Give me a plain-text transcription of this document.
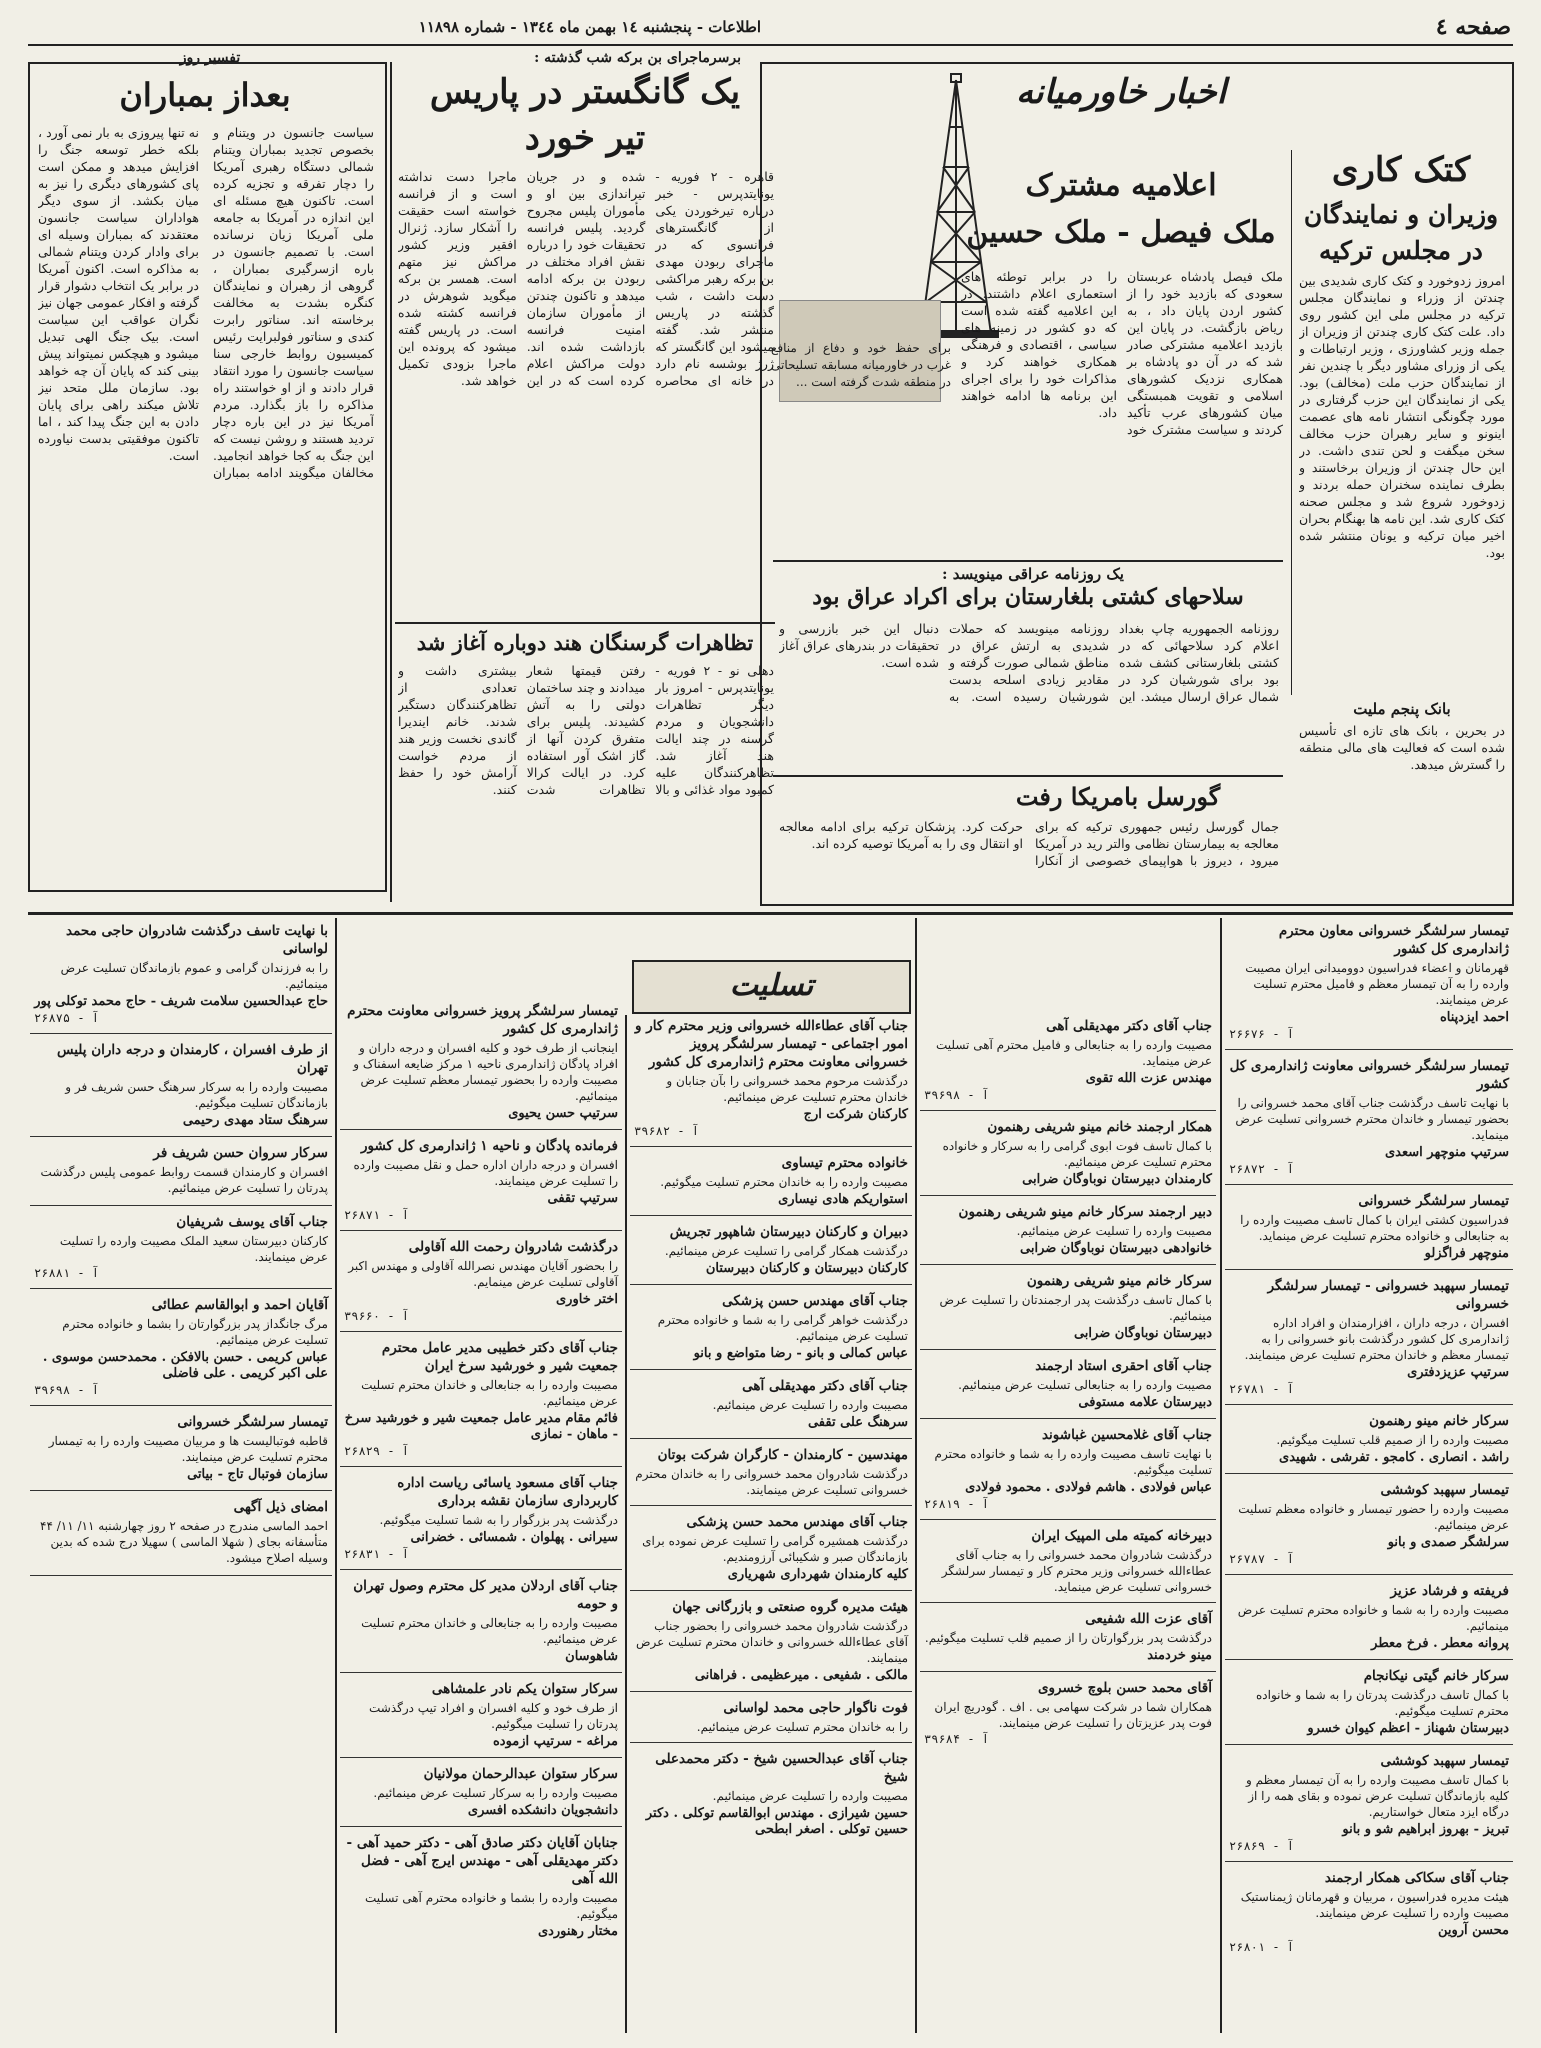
صفحه ٤
اطلاعات - پنجشنبه ١٤ بهمن ماه ١٣٤٤ - شماره ١١٨٩٨
برسرماجرای بن برکه شب گذشته :
تفسیر روز
اخبار خاورمیانه
کتک کاری
وزیران و نمایندگان
در مجلس ترکیه
امروز زدوخورد و کتک کاری شدیدی بین چندتن از وزراء و نمایندگان مجلس ترکیه در مجلس ملی این کشور روی داد. علت کتک کاری چندتن از وزیران از جمله وزیر کشاورزی ، وزیر ارتباطات و یکی از وزرای مشاور دیگر با چندین نفر از نمایندگان حزب ملت (مخالف) بود. یکی از نمایندگان این حزب گرفتاری در مورد چگونگی انتشار نامه های عصمت اینونو و سایر رهبران حزب مخالف سخن میگفت و لحن تندی داشت. در این حال چندتن از وزیران برخاستند و بطرف نماینده سخنران حمله بردند و زدوخورد شروع شد و مجلس صحنه کتک کاری شد. این نامه ها بهنگام بحران اخیر میان ترکیه و یونان منتشر شده بود.
اعلامیه مشترک
ملک فیصل - ملک حسین
ملک فیصل پادشاه عربستان سعودی که بازدید خود را از کشور اردن پایان داد ، به ریاض بازگشت. در پایان این بازدید اعلامیه مشترکی صادر شد که در آن دو پادشاه بر همکاری نزدیک کشورهای اسلامی و تقویت همبستگی میان کشورهای عرب تأکید کردند و سیاست مشترک خود را در برابر توطئه های استعماری اعلام داشتند. در این اعلامیه گفته شده است که دو کشور در زمینه های سیاسی ، اقتصادی و فرهنگی همکاری خواهند کرد و مذاکرات خود را برای اجرای این برنامه ها ادامه خواهند داد.
برای حفظ خود و دفاع از منافع غرب در خاورمیانه مسابقه تسلیحاتی در منطقه شدت گرفته است ...
یک روزنامه عراقی مینویسد :
سلاحهای کشتی بلغارستان برای اکراد عراق بود
روزنامه الجمهوریه چاپ بغداد اعلام کرد سلاحهائی که در کشتی بلغارستانی کشف شده بود برای شورشیان کرد در شمال عراق ارسال میشد. این روزنامه مینویسد که حملات شدیدی به ارتش عراق در مناطق شمالی صورت گرفته و مقادیر زیادی اسلحه بدست شورشیان رسیده است. به دنبال این خبر بازرسی و تحقیقات در بندرهای عراق آغاز شده است.
گورسل بامریکا رفت
جمال گورسل رئیس جمهوری ترکیه که برای معالجه به بیمارستان نظامی والتر رید در آمریکا میرود ، دیروز با هواپیمای خصوصی از آنکارا حرکت کرد. پزشکان ترکیه برای ادامه معالجه او انتقال وی را به آمریکا توصیه کرده اند.
بانک پنجم ملیت
در بحرین ، بانک های تازه ای تأسیس شده است که فعالیت های مالی منطقه را گسترش میدهد.
یک گانگستر در پاریس
تیر خورد
قاهره - ٢ فوریه - یونایتدپرس - خبر درباره تیرخوردن یکی از گانگسترهای فرانسوی که در ماجرای ربودن مهدی بن برکه رهبر مراکشی دست داشت ، شب گذشته در پاریس منتشر شد. گفته میشود این گانگستر که ژرژ بوشسه نام دارد در خانه ای محاصره شده و در جریان تیراندازی بین او و مأموران پلیس مجروح گردید. پلیس فرانسه تحقیقات خود را درباره نقش افراد مختلف در ربودن بن برکه ادامه میدهد و تاکنون چندتن از مأموران سازمان امنیت فرانسه بازداشت شده اند. دولت مراکش اعلام کرده است که در این ماجرا دست نداشته است و از فرانسه خواسته است حقیقت را آشکار سازد. ژنرال افقیر وزیر کشور مراکش نیز متهم است. همسر بن برکه میگوید شوهرش در فرانسه کشته شده است. در پاریس گفته میشود که پرونده این ماجرا بزودی تکمیل خواهد شد.
تظاهرات گرسنگان هند دوباره آغاز شد
دهلی نو - ٢ فوریه - یونایتدپرس - امروز بار دیگر تظاهرات دانشجویان و مردم گرسنه در چند ایالت هند آغاز شد. تظاهرکنندگان علیه کمبود مواد غذائی و بالا رفتن قیمتها شعار میدادند و چند ساختمان دولتی را به آتش کشیدند. پلیس برای متفرق کردن آنها از گاز اشک آور استفاده کرد. در ایالت کرالا تظاهرات شدت بیشتری داشت و تعدادی از تظاهرکنندگان دستگیر شدند. خانم ایندیرا گاندی نخست وزیر هند از مردم خواست آرامش خود را حفظ کنند.
بعداز بمباران
سیاست جانسون در ویتنام و بخصوص تجدید بمباران ویتنام شمالی دستگاه رهبری آمریکا را دچار تفرقه و تجزیه کرده است. تاکنون هیچ مسئله ای این اندازه در آمریکا به جامعه ملی آمریکا زیان نرسانده است. با تصمیم جانسون در باره ازسرگیری بمباران ، گروهی از رهبران و نمایندگان کنگره بشدت به مخالفت برخاسته اند. سناتور رابرت کندی و سناتور فولبرایت رئیس کمیسیون روابط خارجی سنا سیاست جانسون را مورد انتقاد قرار دادند و از او خواستند راه مذاکره را باز بگذارد. مردم آمریکا نیز در این باره دچار تردید هستند و روشن نیست که این جنگ به کجا خواهد انجامید. مخالفان میگویند ادامه بمباران نه تنها پیروزی به بار نمی آورد ، بلکه خطر توسعه جنگ را افزایش میدهد و ممکن است پای کشورهای دیگری را نیز به میان بکشد. از سوی دیگر هواداران سیاست جانسون معتقدند که بمباران وسیله ای برای وادار کردن ویتنام شمالی به مذاکره است. اکنون آمریکا در برابر یک انتخاب دشوار قرار گرفته و افکار عمومی جهان نیز نگران عواقب این سیاست است. بیک جنگ الهی تبدیل میشود و هیچکس نمیتواند پیش بینی کند که پایان آن چه خواهد بود. سازمان ملل متحد نیز تلاش میکند راهی برای پایان دادن به این جنگ پیدا کند ، اما تاکنون موفقیتی بدست نیاورده است.
تسلیت
تیمسار سرلشگر خسروانی معاون محترم ژاندارمری کل کشور
قهرمانان و اعضاء فدراسیون دوومیدانی ایران مصیبت وارده را به آن تیمسار معظم و فامیل محترم تسلیت عرض مینمایند.
احمد ایزدپناه
آ - ٢۶۶٧۶
تیمسار سرلشگر خسروانی معاونت ژاندارمری کل کشور
با نهایت تاسف درگذشت جناب آقای محمد خسروانی را بحضور تیمسار و خاندان محترم خسروانی تسلیت عرض مینماید.
سرتیپ منوچهر اسعدی
آ - ٢۶٨٧٢
تیمسار سرلشگر خسروانی
فدراسیون کشتی ایران با کمال تاسف مصیبت وارده را به جنابعالی و خانواده محترم تسلیت عرض مینماید.
منوچهر فراگزلو
تیمسار سپهبد خسروانی - تیمسار سرلشگر خسروانی
افسران ، درجه داران ، افزارمندان و افراد اداره ژاندارمری کل کشور درگذشت بانو خسروانی را به تیمسار معظم و خاندان محترم تسلیت عرض مینمایند.
سرتیپ عزیزدفتری
آ - ٢۶٧٨١
سرکار خانم مینو رهنمون
مصیبت وارده را از صمیم قلب تسلیت میگوئیم.
راشد . انصاری . کامجو . تفرشی . شهیدی
تیمسار سپهبد کوششی
مصیبت وارده را حضور تیمسار و خانواده معظم تسلیت عرض مینمائیم.
سرلشگر صمدی و بانو
آ - ٢۶٧٨٧
فریفته و فرشاد عزیز
مصیبت وارده را به شما و خانواده محترم تسلیت عرض مینمائیم.
پروانه معطر . فرخ معطر
سرکار خانم گیتی نیکانجام
با کمال تاسف درگذشت پدرتان را به شما و خانواده محترم تسلیت میگوئیم.
دبیرستان شهناز - اعظم کیوان خسرو
تیمسار سپهبد کوششی
با کمال تاسف مصیبت وارده را به آن تیمسار معظم و کلیه بازماندگان تسلیت عرض نموده و بقای همه را از درگاه ایزد متعال خواستاریم.
تبریز - بهروز ابراهیم شو و بانو
آ - ٢۶٨۶٩
جناب آقای سکاکی همکار ارجمند
هیئت مدیره فدراسیون ، مربیان و قهرمانان ژیمناستیک مصیبت وارده را تسلیت عرض مینمایند.
محسن آروین
آ - ٢۶٨٠١
جناب آقای دکتر مهدیقلی آهی
مصیبت وارده را به جنابعالی و فامیل محترم آهی تسلیت عرض مینماید.
مهندس عزت الله تقوی
آ - ٣٩۶٩٨
همکار ارجمند خانم مینو شریفی رهنمون
با کمال تاسف فوت ابوی گرامی را به سرکار و خانواده محترم تسلیت عرض مینمائیم.
کارمندان دبیرستان نوباوگان ضرابی
دبیر ارجمند سرکار خانم مینو شریفی رهنمون
مصیبت وارده را تسلیت عرض مینمائیم.
خانوادهی دبیرستان نوباوگان ضرابی
سرکار خانم مینو شریفی رهنمون
با کمال تاسف درگذشت پدر ارجمندتان را تسلیت عرض مینمائیم.
دبیرستان نوباوگان ضرابی
جناب آقای احقری استاد ارجمند
مصیبت وارده را به جنابعالی تسلیت عرض مینمائیم.
دبیرستان علامه مستوفی
جناب آقای غلامحسین غباشوند
با نهایت تاسف مصیبت وارده را به شما و خانواده محترم تسلیت میگوئیم.
عباس فولادی . هاشم فولادی . محمود فولادی
آ - ٢۶٨١٩
دبیرخانه کمیته ملی المپیک ایران
درگذشت شادروان محمد خسروانی را به جناب آقای عطاءالله خسروانی وزیر محترم کار و تیمسار سرلشگر خسروانی تسلیت عرض مینماید.
آقای عزت الله شفیعی
درگذشت پدر بزرگوارتان را از صمیم قلب تسلیت میگوئیم.
مینو خردمند
آقای محمد حسن بلوچ خسروی
همکاران شما در شرکت سهامی بی . اف . گودریچ ایران فوت پدر عزیزتان را تسلیت عرض مینمایند.
آ - ٣٩۶٨۴
جناب آقای عطاءالله خسروانی وزیر محترم کار و امور اجتماعی - تیمسار سرلشگر پرویز خسروانی معاونت محترم ژاندارمری کل کشور
درگذشت مرحوم محمد خسروانی را بآن جنابان و خاندان محترم تسلیت عرض مینمائیم.
کارکنان شرکت ارج
آ - ٣٩۶٨٢
خانواده محترم تیساوی
مصیبت وارده را به خاندان محترم تسلیت میگوئیم.
استواریکم هادی نیساری
دبیران و کارکنان دبیرستان شاهپور تجریش
درگذشت همکار گرامی را تسلیت عرض مینمائیم.
کارکنان دبیرستان و کارکنان دبیرستان
جناب آقای مهندس حسن پزشکی
درگذشت خواهر گرامی را به شما و خانواده محترم تسلیت عرض مینمائیم.
عباس کمالی و بانو - رضا متواضع و بانو
جناب آقای دکتر مهدیقلی آهی
مصیبت وارده را تسلیت عرض مینمائیم.
سرهنگ علی تقفی
مهندسین - کارمندان - کارگران شرکت بوتان
درگذشت شادروان محمد خسروانی را به خاندان محترم خسروانی تسلیت عرض مینمایند.
جناب آقای مهندس محمد حسن پزشکی
درگذشت همشیره گرامی را تسلیت عرض نموده برای بازماندگان صبر و شکیبائی آرزومندیم.
کلیه کارمندان شهرداری شهریاری
هیئت مدیره گروه صنعتی و بازرگانی جهان
درگذشت شادروان محمد خسروانی را بحضور جناب آقای عطاءالله خسروانی و خاندان محترم تسلیت عرض مینمایند.
مالکی . شفیعی . میرعظیمی . فراهانی
فوت ناگوار حاجی محمد لواسانی
را به خاندان محترم تسلیت عرض مینمائیم.
جناب آقای عبدالحسین شیخ - دکتر محمدعلی شیخ
مصیبت وارده را تسلیت عرض مینمائیم.
حسین شیرازی . مهندس ابوالقاسم توکلی . دکتر حسین توکلی . اصغر ابطحی
تیمسار سرلشگر پرویز خسروانی معاونت محترم ژاندارمری کل کشور
اینجانب از طرف خود و کلیه افسران و درجه داران و افراد پادگان ژاندارمری ناحیه ١ مرکز ضایعه اسفناک و مصیبت وارده را بحضور تیمسار معظم تسلیت عرض مینمائیم.
سرتیپ حسن یحیوی
فرمانده پادگان و ناحیه ١ ژاندارمری کل کشور
افسران و درجه داران اداره حمل و نقل مصیبت وارده را تسلیت عرض مینمایند.
سرتیپ تقفی
آ - ٢۶٨٧١
درگذشت شادروان رحمت الله آقاولی
را بحضور آقایان مهندس نصرالله آقاولی و مهندس اکبر آقاولی تسلیت عرض مینمایم.
اختر خاوری
آ - ٣٩۶۶٠
جناب آقای دکتر خطیبی مدیر عامل محترم جمعیت شیر و خورشید سرخ ایران
مصیبت وارده را به جنابعالی و خاندان محترم تسلیت عرض مینمائیم.
فائم مقام مدیر عامل جمعیت شیر و خورشید سرخ - ماهان - نمازی
آ - ٢۶٨٢٩
جناب آقای مسعود یاسائی ریاست اداره کاربرداری سازمان نقشه برداری
درگذشت پدر بزرگوار را به شما تسلیت میگوئیم.
سیرانی . پهلوان . شمسائی . خضرانی
آ - ٢۶٨٣١
جناب آقای اردلان مدیر کل محترم وصول تهران و حومه
مصیبت وارده را به جنابعالی و خاندان محترم تسلیت عرض مینمائیم.
شاهوسان
سرکار ستوان یکم نادر علمشاهی
از طرف خود و کلیه افسران و افراد تیپ درگذشت پدرتان را تسلیت میگوئیم.
مراغه - سرتیپ ازموده
سرکار ستوان عبدالرحمان مولانیان
مصیبت وارده را به سرکار تسلیت عرض مینمائیم.
دانشجویان دانشکده افسری
جنابان آقایان دکتر صادق آهی - دکتر حمید آهی - دکتر مهدیقلی آهی - مهندس ایرج آهی - فضل الله آهی
مصیبت وارده را بشما و خانواده محترم آهی تسلیت میگوئیم.
مختار رهنوردی
با نهایت تاسف درگذشت شادروان حاجی محمد لواسانی
را به فرزندان گرامی و عموم بازماندگان تسلیت عرض مینمائیم.
حاج عبدالحسین سلامت شریف - حاج محمد توکلی پور
آ - ٢۶٨٧۵
از طرف افسران ، کارمندان و درجه داران پلیس تهران
مصیبت وارده را به سرکار سرهنگ حسن شریف فر و بازماندگان تسلیت میگوئیم.
سرهنگ ستاد مهدی رحیمی
سرکار سروان حسن شریف فر
افسران و کارمندان قسمت روابط عمومی پلیس درگذشت پدرتان را تسلیت عرض مینمائیم.
جناب آقای یوسف شریفیان
کارکنان دبیرستان سعید الملک مصیبت وارده را تسلیت عرض مینمایند.
آ - ٢۶٨٨١
آقایان احمد و ابوالقاسم عطائی
مرگ جانگداز پدر بزرگوارتان را بشما و خانواده محترم تسلیت عرض مینمائیم.
عباس کریمی . حسن بالافکن . محمدحسن موسوی . علی اکبر کریمی . علی فاضلی
آ - ٣٩۶٩٨
تیمسار سرلشگر خسروانی
قاطبه فوتبالیست ها و مربیان مصیبت وارده را به تیمسار محترم تسلیت عرض مینمایند.
سازمان فوتبال تاج - بیاتی
امضای ذیل آگهی
احمد الماسی مندرج در صفحه ٢ روز چهارشنبه ١١/ ١١/ ۴۴ متأسفانه بجای ( شهلا الماسی ) سهیلا درج شده که بدین وسیله اصلاح میشود.
